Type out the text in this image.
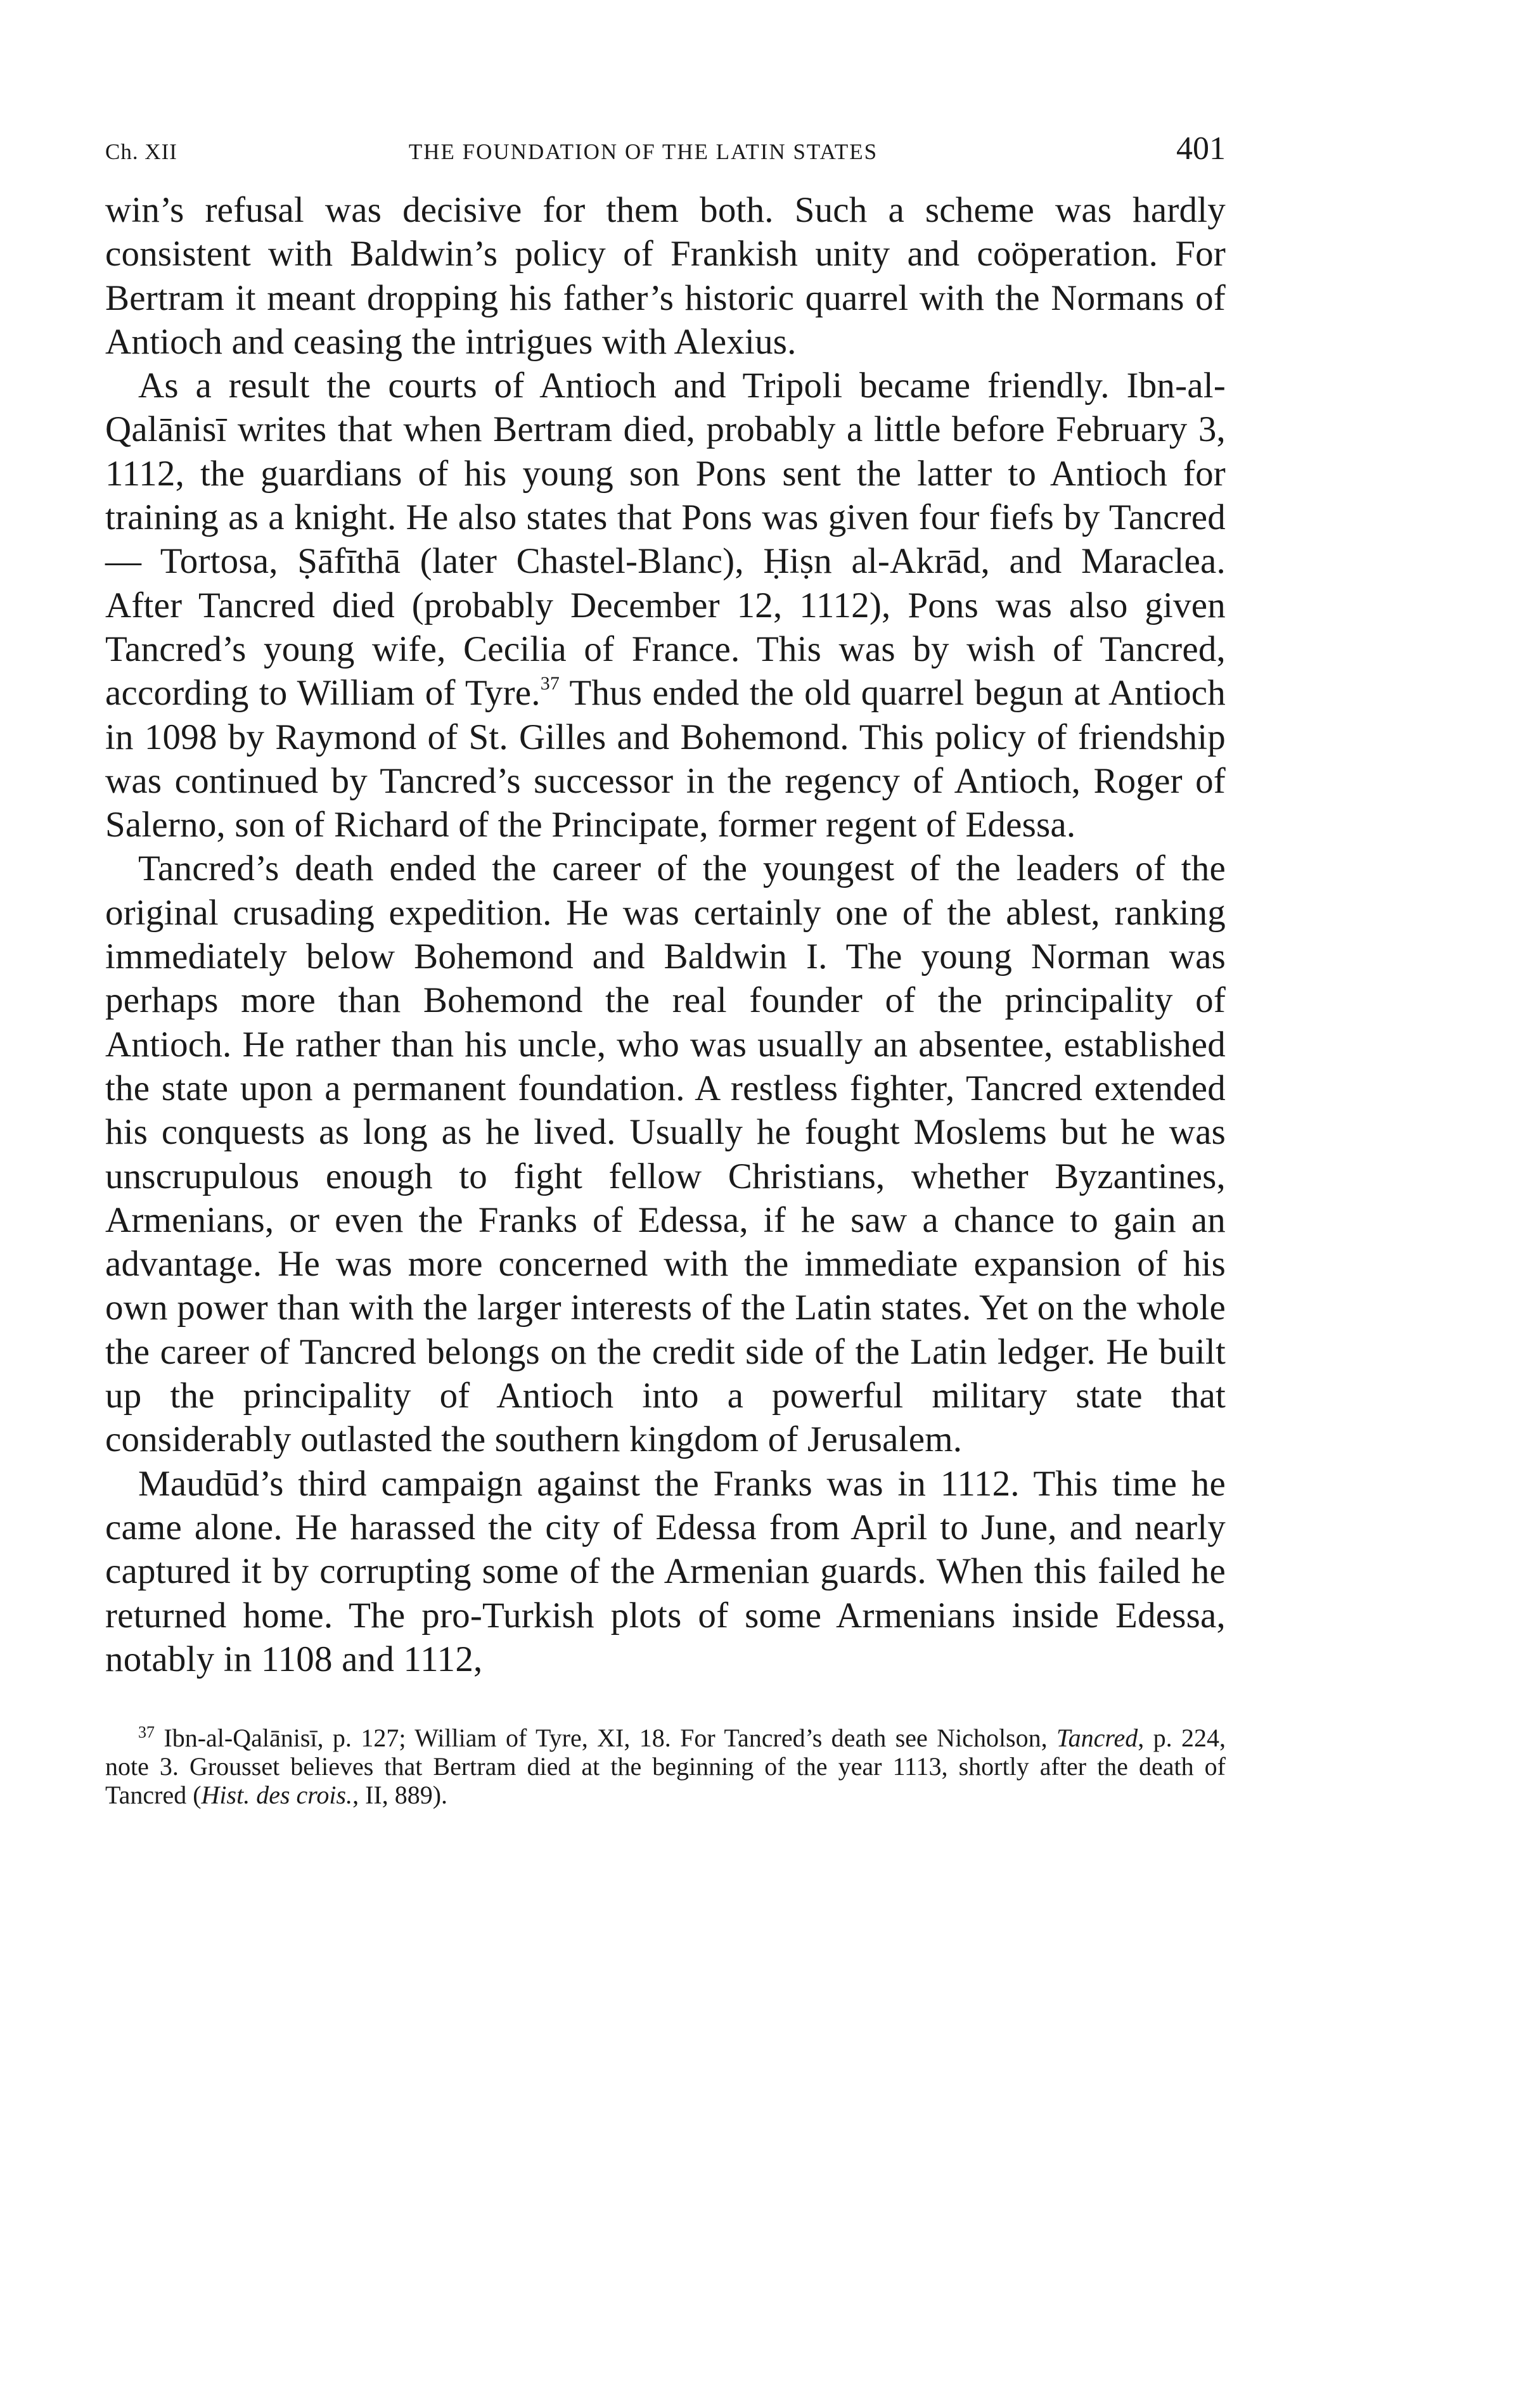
Ch. XII	THE FOUNDATION OF THE LATIN STATES	401

win’s refusal was decisive for them both. Such a scheme was hardly consistent with Baldwin’s policy of Frankish unity and coöperation. For Bertram it meant dropping his father’s historic quarrel with the Normans of Antioch and ceasing the intrigues with Alexius.

As a result the courts of Antioch and Tripoli became friendly. Ibn-al-Qalānisī writes that when Bertram died, probably a little before February 3, 1112, the guardians of his young son Pons sent the latter to Antioch for training as a knight. He also states that Pons was given four fiefs by Tancred — Tortosa, Ṣāfīthā (later Chastel-Blanc), Ḥiṣn al-Akrād, and Maraclea. After Tancred died (probably December 12, 1112), Pons was also given Tancred’s young wife, Cecilia of France. This was by wish of Tancred, according to William of Tyre.$^{37}$ Thus ended the old quarrel begun at Antioch in 1098 by Raymond of St. Gilles and Bohemond. This policy of friendship was continued by Tancred’s successor in the regency of Antioch, Roger of Salerno, son of Richard of the Principate, former regent of Edessa.

Tancred’s death ended the career of the youngest of the leaders of the original crusading expedition. He was certainly one of the ablest, ranking immediately below Bohemond and Baldwin I. The young Norman was perhaps more than Bohemond the real founder of the principality of Antioch. He rather than his uncle, who was usually an absentee, established the state upon a permanent foundation. A restless fighter, Tancred extended his conquests as long as he lived. Usually he fought Moslems but he was unscrupulous enough to fight fellow Christians, whether Byzantines, Armenians, or even the Franks of Edessa, if he saw a chance to gain an advantage. He was more concerned with the immediate expansion of his own power than with the larger interests of the Latin states. Yet on the whole the career of Tancred belongs on the credit side of the Latin ledger. He built up the principality of Antioch into a powerful military state that considerably outlasted the southern kingdom of Jerusalem.

Maudūd’s third campaign against the Franks was in 1112. This time he came alone. He harassed the city of Edessa from April to June, and nearly captured it by corrupting some of the Armenian guards. When this failed he returned home. The pro-Turkish plots of some Armenians inside Edessa, notably in 1108 and 1112,

$^{37}$ Ibn-al-Qalānisī, p. 127; William of Tyre, XI, 18. For Tancred’s death see Nicholson, Tancred, p. 224, note 3. Grousset believes that Bertram died at the beginning of the year 1113, shortly after the death of Tancred (Hist. des crois., II, 889).
